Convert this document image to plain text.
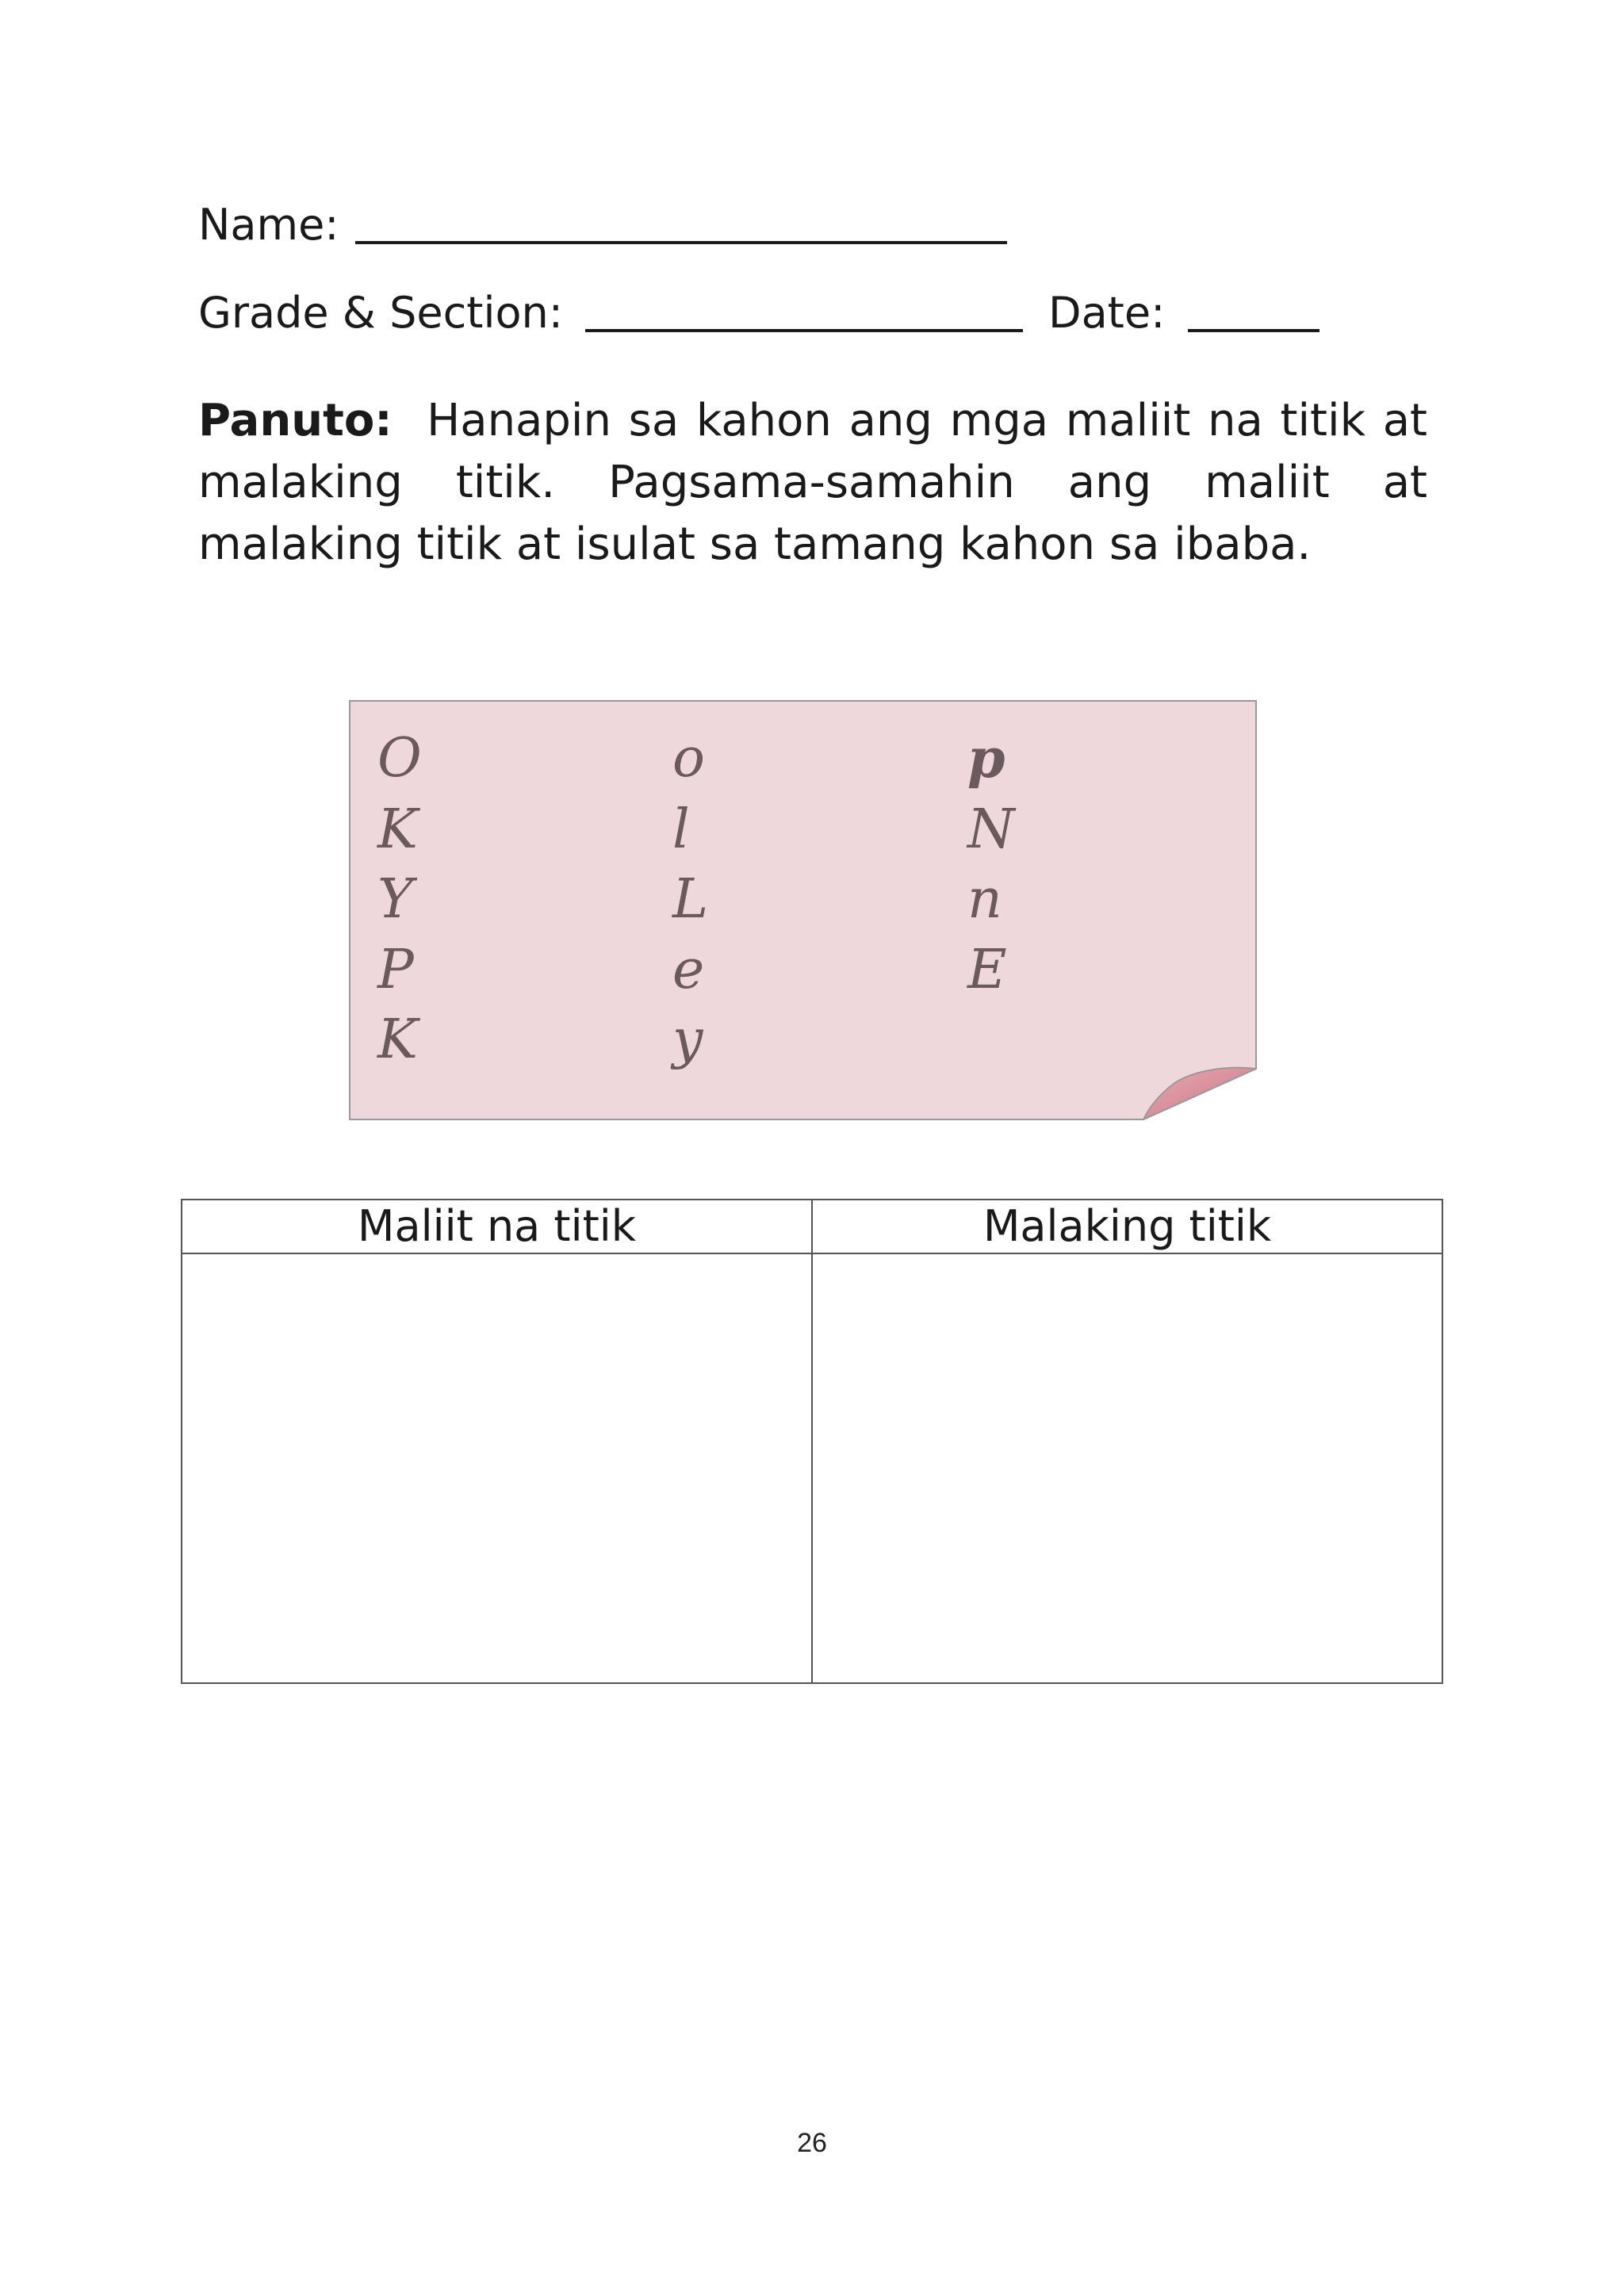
Name:
Grade & Section:	Date:
Panuto: Hanapin sa kahon ang mga maliit na titik at malaking titik. Pagsama-samahin ang maliit at malaking titik at isulat sa tamang kahon sa ibaba.
O
K
Y
P
K
o
l
L
e
y
p
N
n
E
Maliit na titik	Malaking titik

26
